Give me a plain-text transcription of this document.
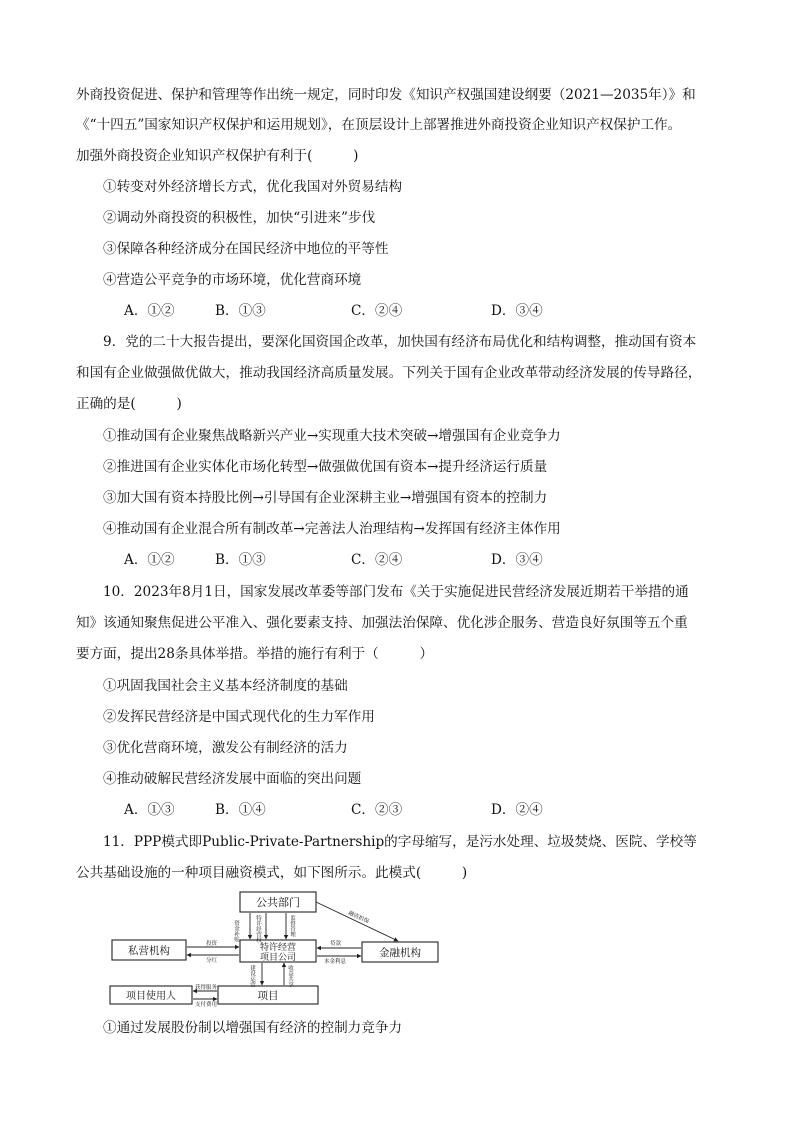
外商投资促进、保护和管理等作出统一规定，同时印发《知识产权强国建设纲要（2021—2035年）》和
《“十四五”国家知识产权保护和运用规划》，在顶层设计上部署推进外商投资企业知识产权保护工作。
加强外商投资企业知识产权保护有利于(　　　)
①转变对外经济增长方式，优化我国对外贸易结构
②调动外商投资的积极性，加快“引进来”步伐
③保障各种经济成分在国民经济中地位的平等性
④营造公平竞争的市场环境，优化营商环境
A．①②	B．①③	C．②④	D．③④
9．党的二十大报告提出，要深化国资国企改革，加快国有经济布局优化和结构调整，推动国有资本
和国有企业做强做优做大，推动我国经济高质量发展。下列关于国有企业改革带动经济发展的传导路径，
正确的是(　　　)
①推动国有企业聚焦战略新兴产业→实现重大技术突破→增强国有企业竞争力
②推进国有企业实体化市场化转型→做强做优国有资本→提升经济运行质量
③加大国有资本持股比例→引导国有企业深耕主业→增强国有资本的控制力
④推动国有企业混合所有制改革→完善法人治理结构→发挥国有经济主体作用
A．①②	B．①③	C．②④	D．③④
10．2023年8月1日，国家发展改革委等部门发布《关于实施促进民营经济发展近期若干举措的通
知》该通知聚焦促进公平准入、强化要素支持、加强法治保障、优化涉企服务、营造良好氛围等五个重
要方面，提出28条具体举措。举措的施行有利于（　　　）
①巩固我国社会主义基本经济制度的基础
②发挥民营经济是中国式现代化的生力军作用
③优化营商环境，激发公有制经济的活力
④推动破解民营经济发展中面临的突出问题
A．①③	B．①④	C．②③	D．②④
11．PPP模式即Public-Private-Partnership的字母缩写，是污水处理、垃圾焚烧、医院、学校等
公共基础设施的一种项目融资模式，如下图所示。此模式(　　　)
公共部门
特许经营
项目公司
私营机构	金融机构
项目使用人	项目
资金补贴	特许经营权	监督管理	融资担保
投资
分红
贷款
本金利息
建设运营	收益共享
获得服务
支付费用
①通过发展股份制以增强国有经济的控制力竞争力
